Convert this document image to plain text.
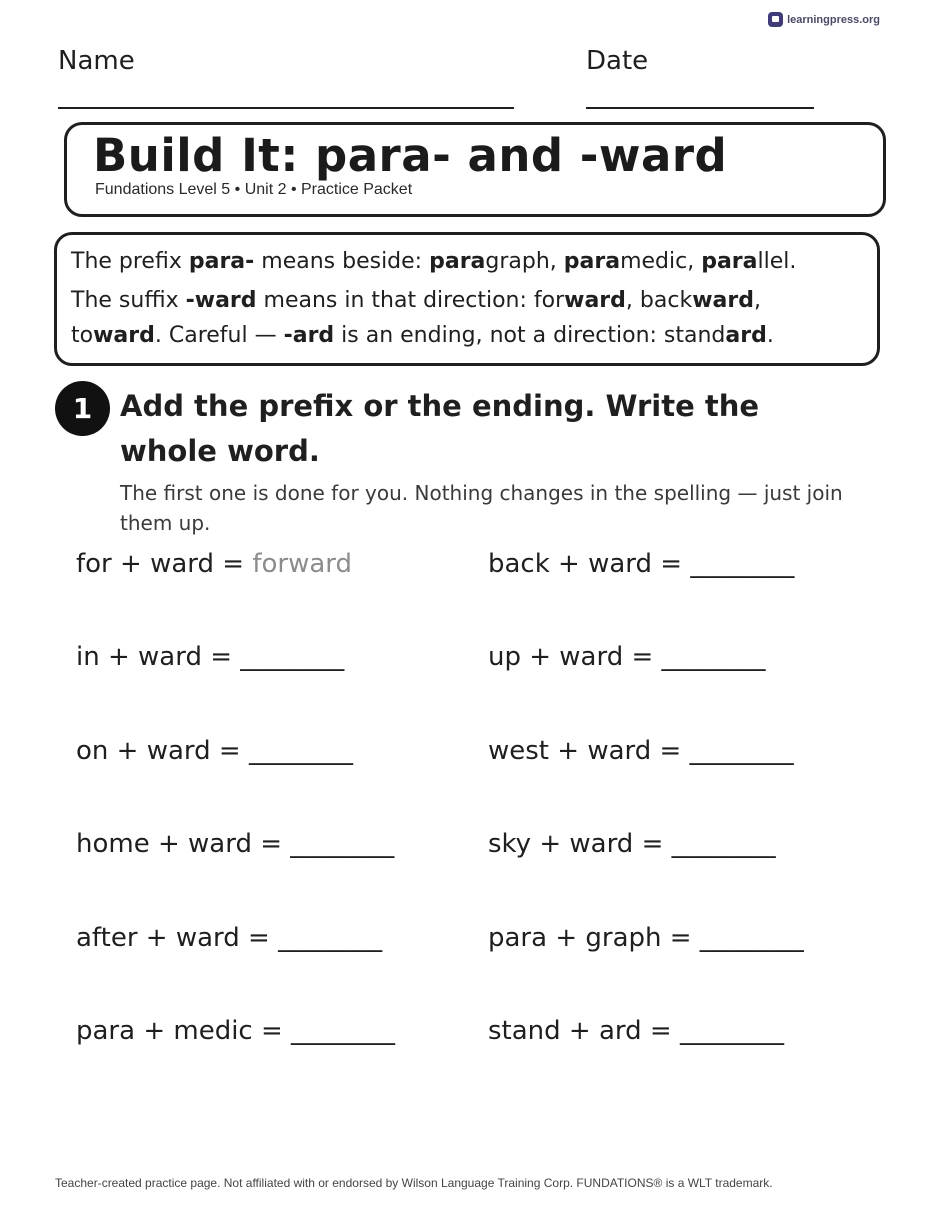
learningpress.org
Name	Date
Build It: para- and -ward
Fundations Level 5 • Unit 2 • Practice Packet
The prefix para- means beside: paragraph, paramedic, parallel.
The suffix -ward means in that direction: forward, backward,
toward. Careful — -ard is an ending, not a direction: standard.
1 Add the prefix or the ending. Write the whole word.
The first one is done for you. Nothing changes in the spelling — just join them up.
for + ward = forward	back + ward = ________
in + ward = ________	up + ward = ________
on + ward = ________	west + ward = ________
home + ward = ________	sky + ward = ________
after + ward = ________	para + graph = ________
para + medic = ________	stand + ard = ________
Teacher-created practice page. Not affiliated with or endorsed by Wilson Language Training Corp. FUNDATIONS® is a WLT trademark.
